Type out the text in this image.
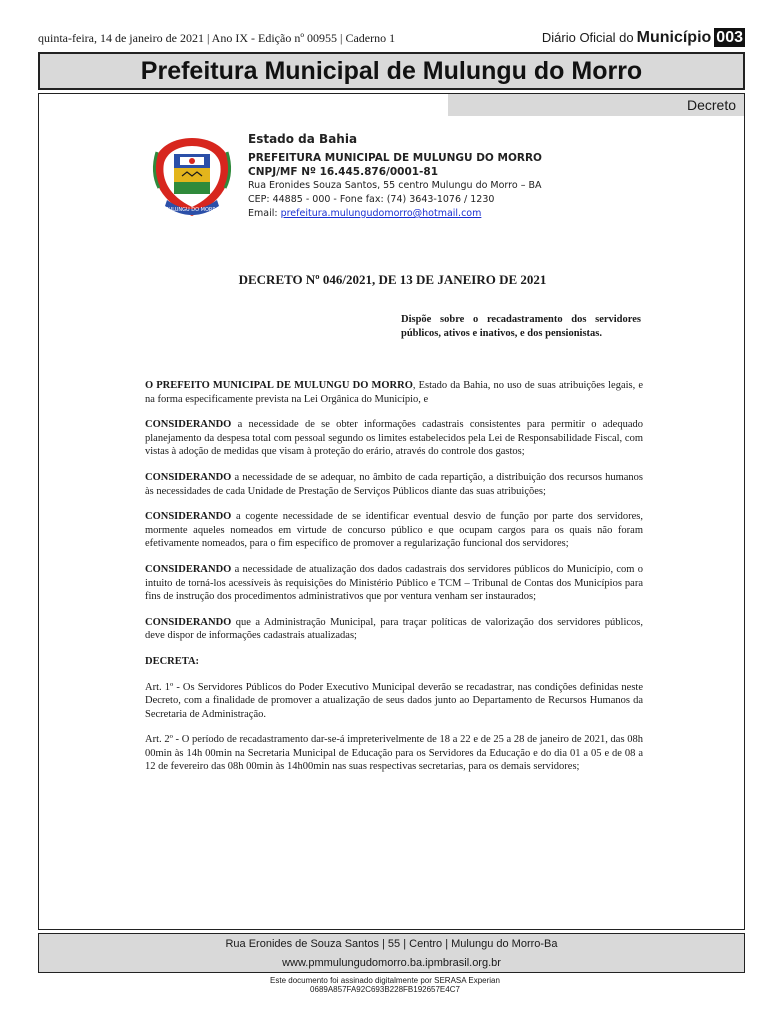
quinta-feira, 14 de janeiro de 2021 | Ano IX - Edição nº 00955 | Caderno 1	Diário Oficial do Município 003
Prefeitura Municipal de Mulungu do Morro
Decreto
MULUNGU DO MORRO
Estado da Bahia
PREFEITURA MUNICIPAL DE MULUNGU DO MORRO
CNPJ/MF Nº 16.445.876/0001-81
Rua Eronides Souza Santos, 55 centro Mulungu do Morro – BA
CEP: 44885 - 000 - Fone fax: (74) 3643-1076 / 1230
Email: prefeitura.mulungudomorro@hotmail.com
DECRETO Nº 046/2021, DE 13 DE JANEIRO DE 2021
Dispõe sobre o recadastramento dos servidores públicos, ativos e inativos, e dos pensionistas.

O PREFEITO MUNICIPAL DE MULUNGU DO MORRO, Estado da Bahia, no uso de suas atribuições legais, e na forma especificamente prevista na Lei Orgânica do Município, e

CONSIDERANDO a necessidade de se obter informações cadastrais consistentes para permitir o adequado planejamento da despesa total com pessoal segundo os limites estabelecidos pela Lei de Responsabilidade Fiscal, com vistas à adoção de medidas que visam à proteção do erário, através do controle dos gastos;

CONSIDERANDO a necessidade de se adequar, no âmbito de cada repartição, a distribuição dos recursos humanos às necessidades de cada Unidade de Prestação de Serviços Públicos diante das suas atribuições;

CONSIDERANDO a cogente necessidade de se identificar eventual desvio de função por parte dos servidores, mormente aqueles nomeados em virtude de concurso público e que ocupam cargos para os quais não foram efetivamente nomeados, para o fim específico de promover a regularização funcional dos servidores;

CONSIDERANDO a necessidade de atualização dos dados cadastrais dos servidores públicos do Município, com o intuito de torná-los acessíveis às requisições do Ministério Público e TCM – Tribunal de Contas dos Municípios para fins de instrução dos procedimentos administrativos que por ventura venham ser instaurados;

CONSIDERANDO que a Administração Municipal, para traçar políticas de valorização dos servidores públicos, deve dispor de informações cadastrais atualizadas;

DECRETA:

Art. 1º - Os Servidores Públicos do Poder Executivo Municipal deverão se recadastrar, nas condições definidas neste Decreto, com a finalidade de promover a atualização de seus dados junto ao Departamento de Recursos Humanos da Secretaria de Administração.

Art. 2º - O período de recadastramento dar-se-á impreterivelmente de 18 a 22 e de 25 a 28 de janeiro de 2021, das 08h 00min às 14h 00min na Secretaria Municipal de Educação para os Servidores da Educação e do dia 01 a 05 e de 08 a 12 de fevereiro das 08h 00min às 14h00min nas suas respectivas secretarias, para os demais servidores;

Rua Eronides de Souza Santos | 55 | Centro | Mulungu do Morro-Ba
www.pmmulungudomorro.ba.ipmbrasil.org.br
Este documento foi assinado digitalmente por SERASA Experian
0689A857FA92C693B228FB192657E4C7
